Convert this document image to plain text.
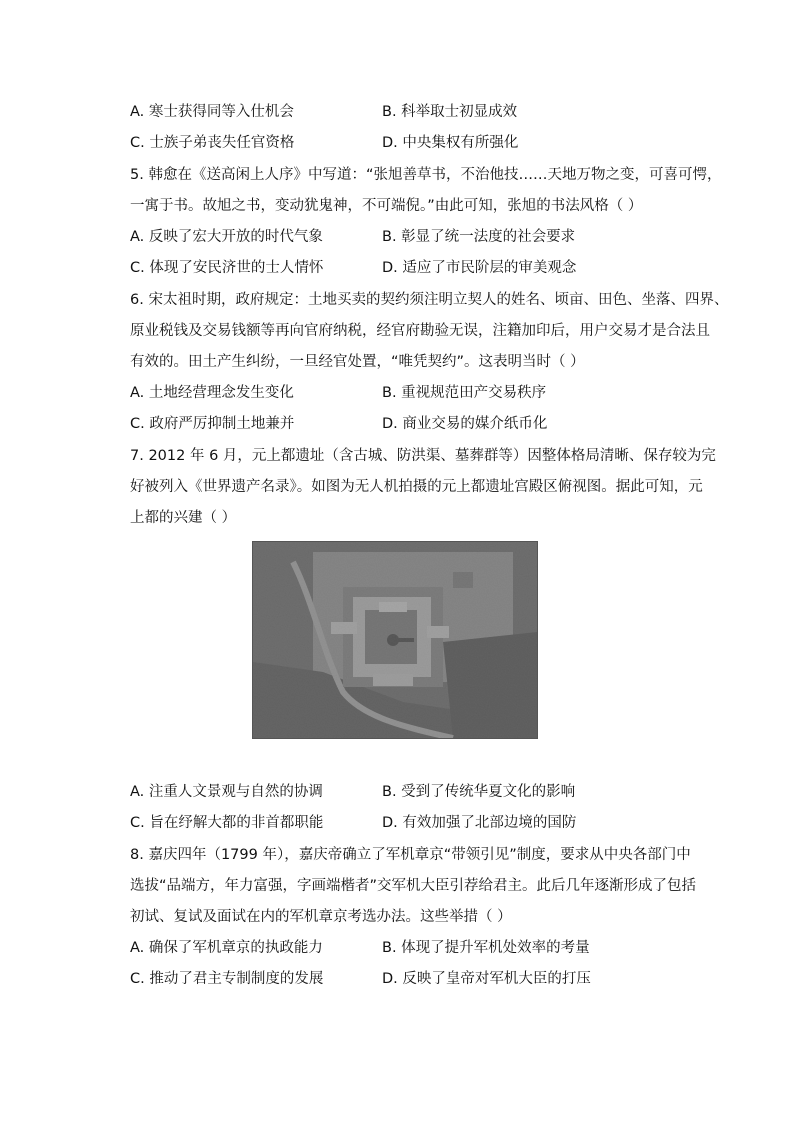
A. 寒士获得同等入仕机会	B. 科举取士初显成效
C. 士族子弟丧失任官资格	D. 中央集权有所强化
5. 韩愈在《送高闲上人序》中写道：“张旭善草书，不治他技……天地万物之变，可喜可愕，
一寓于书。故旭之书，变动犹鬼神，不可端倪。”由此可知，张旭的书法风格（ ）
A. 反映了宏大开放的时代气象	B. 彰显了统一法度的社会要求
C. 体现了安民济世的士人情怀	D. 适应了市民阶层的审美观念
6. 宋太祖时期，政府规定：土地买卖的契约须注明立契人的姓名、顷亩、田色、坐落、四界、
原业税钱及交易钱额等再向官府纳税，经官府勘验无误，注籍加印后，用户交易才是合法且
有效的。田土产生纠纷，一旦经官处置，“唯凭契约”。这表明当时（ ）
A. 土地经营理念发生变化	B. 重视规范田产交易秩序
C. 政府严厉抑制土地兼并	D. 商业交易的媒介纸币化
7. 2012 年 6 月，元上都遗址（含古城、防洪渠、墓葬群等）因整体格局清晰、保存较为完
好被列入《世界遗产名录》。如图为无人机拍摄的元上都遗址宫殿区俯视图。据此可知，元
上都的兴建（ ）
A. 注重人文景观与自然的协调	B. 受到了传统华夏文化的影响
C. 旨在纾解大都的非首都职能	D. 有效加强了北部边境的国防
8. 嘉庆四年（1799 年），嘉庆帝确立了军机章京“带领引见”制度，要求从中央各部门中
选拔“品端方，年力富强，字画端楷者”交军机大臣引荐给君主。此后几年逐渐形成了包括
初试、复试及面试在内的军机章京考选办法。这些举措（ ）
A. 确保了军机章京的执政能力	B. 体现了提升军机处效率的考量
C. 推动了君主专制制度的发展	D. 反映了皇帝对军机大臣的打压
